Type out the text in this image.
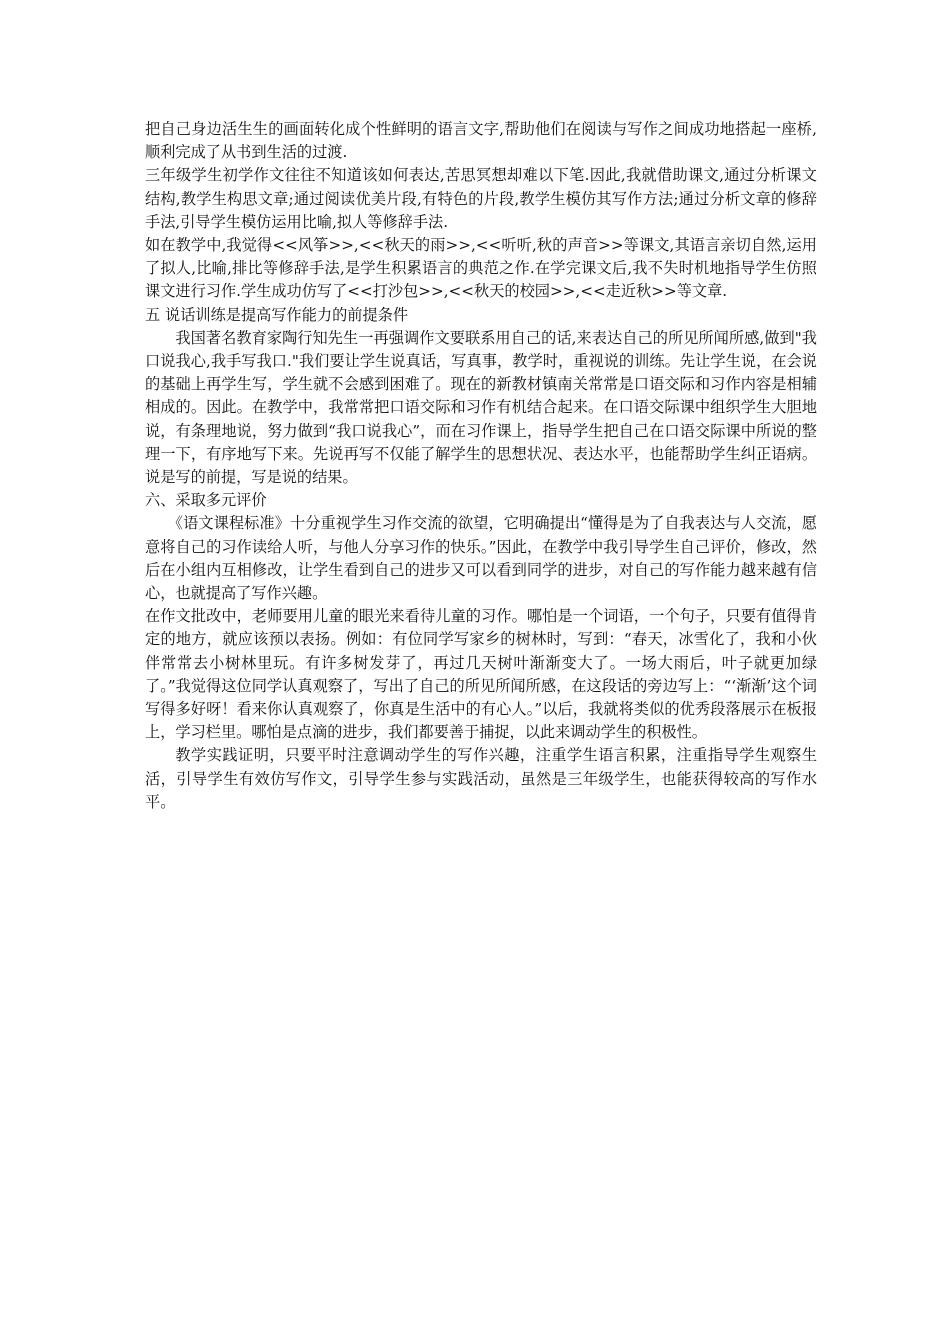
把自己身边活生生的画面转化成个性鲜明的语言文字,帮助他们在阅读与写作之间成功地搭起一座桥,顺利完成了从书到生活的过渡.

三年级学生初学作文往往不知道该如何表达,苦思冥想却难以下笔.因此,我就借助课文,通过分析课文结构,教学生构思文章;通过阅读优美片段,有特色的片段,教学生模仿其写作方法;通过分析文章的修辞手法,引导学生模仿运用比喻,拟人等修辞手法.

如在教学中,我觉得<<风筝>>,<<秋天的雨>>,<<听听,秋的声音>>等课文,其语言亲切自然,运用了拟人,比喻,排比等修辞手法,是学生积累语言的典范之作.在学完课文后,我不失时机地指导学生仿照课文进行习作.学生成功仿写了<<打沙包>>,<<秋天的校园>>,<<走近秋>>等文章.

五 说话训练是提高写作能力的前提条件

我国著名教育家陶行知先生一再强调作文要联系用自己的话,来表达自己的所见所闻所感,做到"我口说我心,我手写我口."我们要让学生说真话，写真事，教学时，重视说的训练。先让学生说，在会说的基础上再学生写，学生就不会感到困难了。现在的新教材镇南关常常是口语交际和习作内容是相辅相成的。因此。在教学中，我常常把口语交际和习作有机结合起来。在口语交际课中组织学生大胆地说，有条理地说，努力做到“我口说我心”，而在习作课上，指导学生把自己在口语交际课中所说的整理一下，有序地写下来。先说再写不仅能了解学生的思想状况、表达水平，也能帮助学生纠正语病。说是写的前提，写是说的结果。

六、采取多元评价

《语文课程标准》十分重视学生习作交流的欲望，它明确提出“懂得是为了自我表达与人交流，愿意将自己的习作读给人听，与他人分享习作的快乐。”因此，在教学中我引导学生自己评价，修改，然后在小组内互相修改，让学生看到自己的进步又可以看到同学的进步，对自己的写作能力越来越有信心，也就提高了写作兴趣。

在作文批改中，老师要用儿童的眼光来看待儿童的习作。哪怕是一个词语，一个句子，只要有值得肯定的地方，就应该预以表扬。例如：有位同学写家乡的树林时，写到：“春天，冰雪化了，我和小伙伴常常去小树林里玩。有许多树发芽了，再过几天树叶渐渐变大了。一场大雨后，叶子就更加绿了。”我觉得这位同学认真观察了，写出了自己的所见所闻所感，在这段话的旁边写上：“‘渐渐’这个词写得多好呀！看来你认真观察了，你真是生活中的有心人。”以后，我就将类似的优秀段落展示在板报上，学习栏里。哪怕是点滴的进步，我们都要善于捕捉，以此来调动学生的积极性。

教学实践证明，只要平时注意调动学生的写作兴趣，注重学生语言积累，注重指导学生观察生活，引导学生有效仿写作文，引导学生参与实践活动，虽然是三年级学生，也能获得较高的写作水平。
